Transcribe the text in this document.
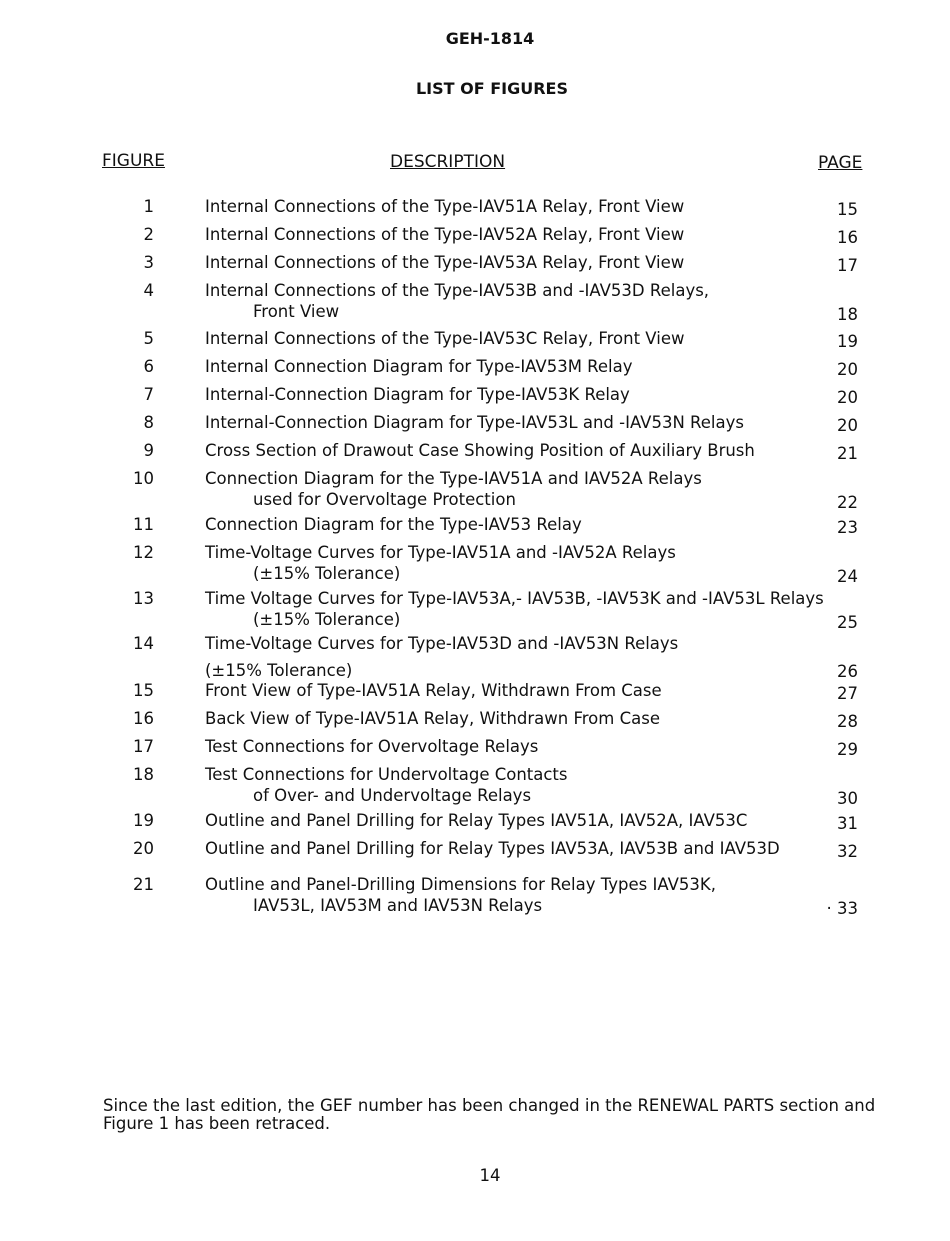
GEH-1814
LIST OF FIGURES
FIGURE	DESCRIPTION	PAGE
1	Internal Connections of the Type-IAV51A Relay, Front View	15
2	Internal Connections of the Type-IAV52A Relay, Front View	16
3	Internal Connections of the Type-IAV53A Relay, Front View	17
4	Internal Connections of the Type-IAV53B and -IAV53D Relays,
Front View	18
5	Internal Connections of the Type-IAV53C Relay, Front View	19
6	Internal Connection Diagram for Type-IAV53M Relay	20
7	Internal-Connection Diagram for Type-IAV53K Relay	20
8	Internal-Connection Diagram for Type-IAV53L and -IAV53N Relays	20
9	Cross Section of Drawout Case Showing Position of Auxiliary Brush	21
10	Connection Diagram for the Type-IAV51A and IAV52A Relays
used for Overvoltage Protection	22
11	Connection Diagram for the Type-IAV53 Relay	23
12	Time-Voltage Curves for Type-IAV51A and -IAV52A Relays
(±15% Tolerance)	24
13	Time Voltage Curves for Type-IAV53A,- IAV53B, -IAV53K and -IAV53L Relays
(±15% Tolerance)	25
14	Time-Voltage Curves for Type-IAV53D and -IAV53N Relays
(±15% Tolerance)	26
15	Front View of Type-IAV51A Relay, Withdrawn From Case	27
16	Back View of Type-IAV51A Relay, Withdrawn From Case	28
17	Test Connections for Overvoltage Relays	29
18	Test Connections for Undervoltage Contacts
of Over- and Undervoltage Relays	30
19	Outline and Panel Drilling for Relay Types IAV51A, IAV52A, IAV53C	31
20	Outline and Panel Drilling for Relay Types IAV53A, IAV53B and IAV53D	32
21	Outline and Panel-Drilling Dimensions for Relay Types IAV53K,
IAV53L, IAV53M and IAV53N Relays	· 33
Since the last edition, the GEF number has been changed in the RENEWAL PARTS section and Figure 1 has been retraced.
14
